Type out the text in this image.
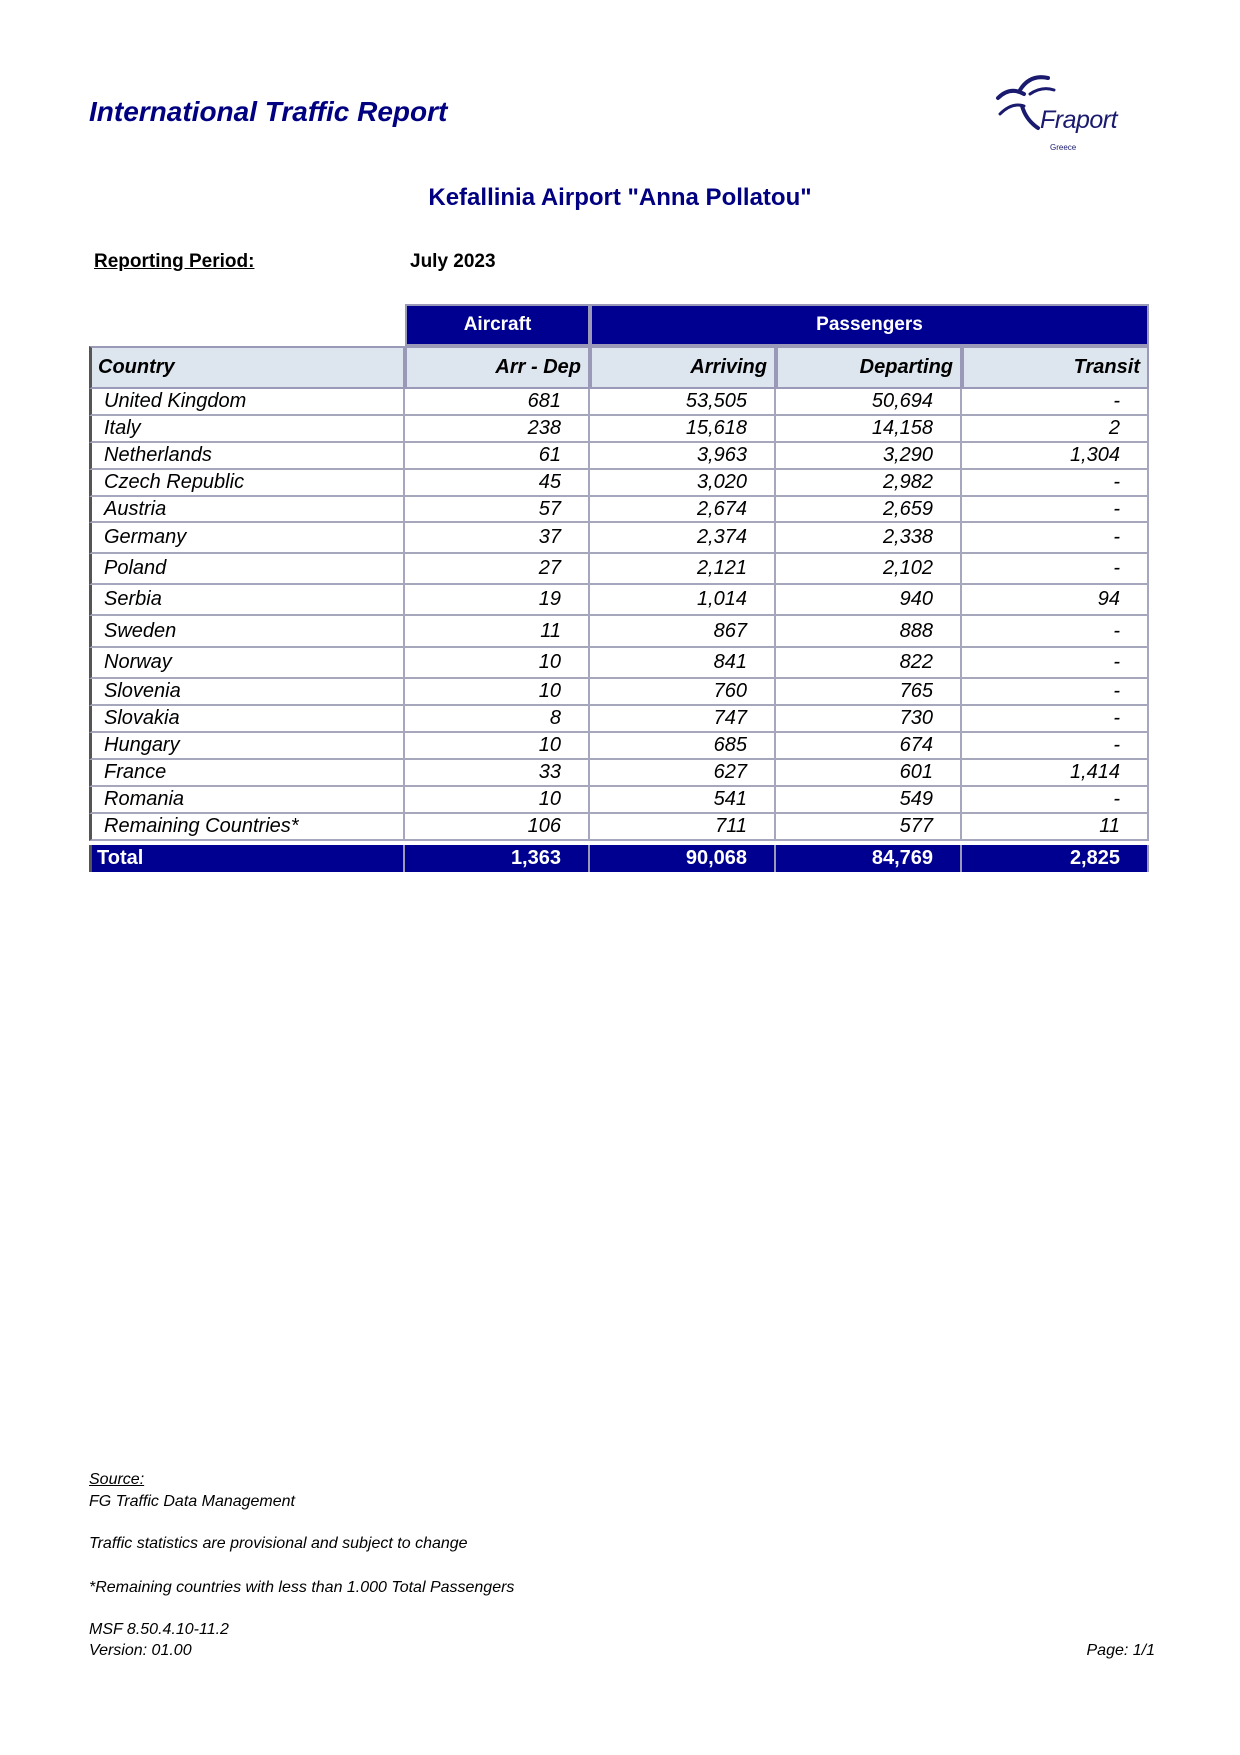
International Traffic Report	Fraport
Greece
Kefallinia Airport "Anna Pollatou"
Reporting Period:	July 2023
Aircraft	Passengers
Country	Arr - Dep	Arriving	Departing	Transit
United Kingdom	681	53,505	50,694	-
Italy	238	15,618	14,158	2
Netherlands	61	3,963	3,290	1,304
Czech Republic	45	3,020	2,982	-
Austria	57	2,674	2,659	-
Germany	37	2,374	2,338	-
Poland	27	2,121	2,102	-
Serbia	19	1,014	940	94
Sweden	11	867	888	-
Norway	10	841	822	-
Slovenia	10	760	765	-
Slovakia	8	747	730	-
Hungary	10	685	674	-
France	33	627	601	1,414
Romania	10	541	549	-
Remaining Countries*	106	711	577	11
Total	1,363	90,068	84,769	2,825
Source:
FG Traffic Data Management
Traffic statistics are provisional and subject to change
*Remaining countries with less than 1.000 Total Passengers
MSF 8.50.4.10-11.2
Version: 01.00	Page: 1/1
